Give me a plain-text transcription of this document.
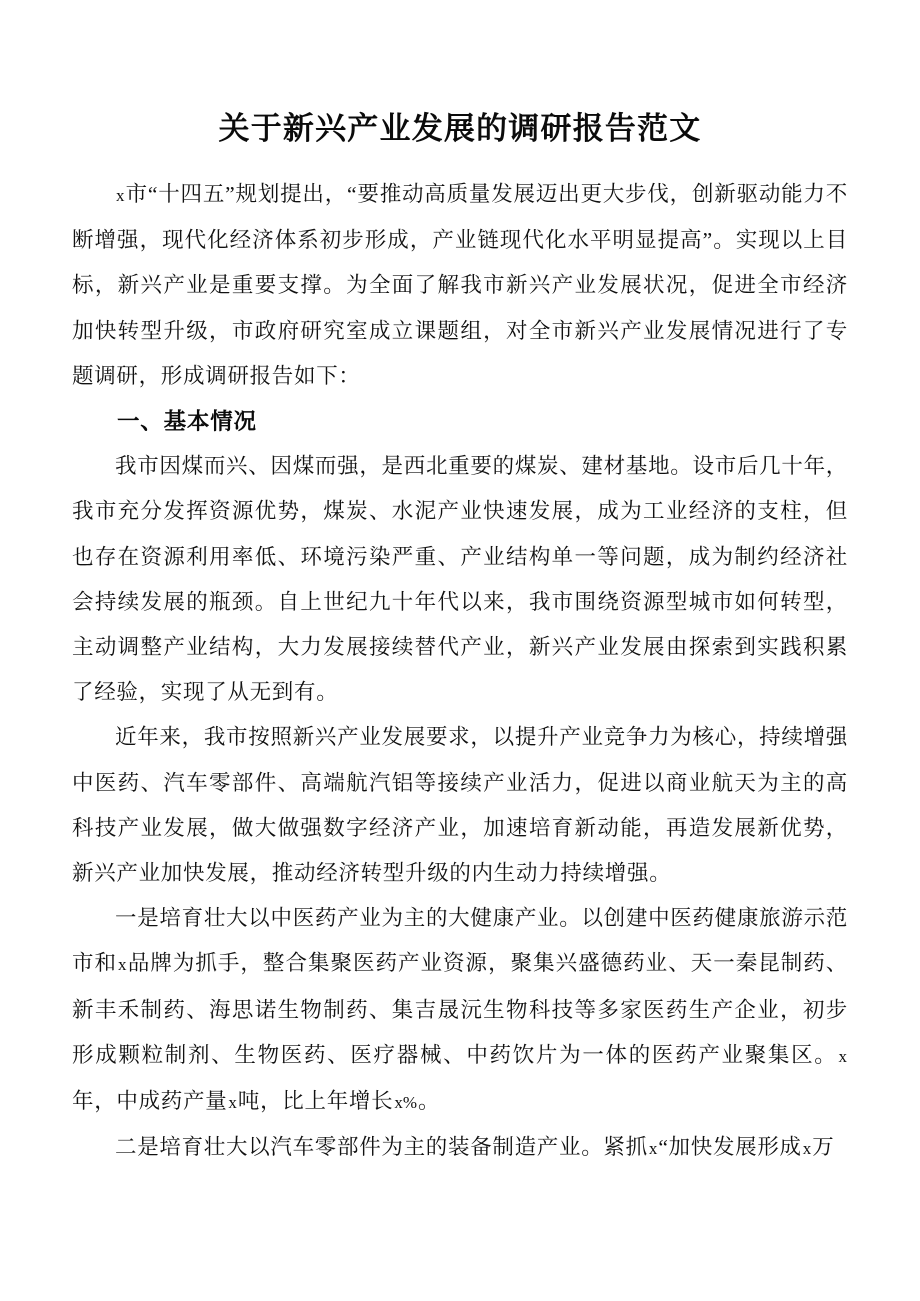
关于新兴产业发展的调研报告范文

x市“十四五”规划提出，“要推动高质量发展迈出更大步伐，创新驱动能力不断增强，现代化经济体系初步形成，产业链现代化水平明显提高”。实现以上目标，新兴产业是重要支撑。为全面了解我市新兴产业发展状况，促进全市经济加快转型升级，市政府研究室成立课题组，对全市新兴产业发展情况进行了专题调研，形成调研报告如下：

一、基本情况

我市因煤而兴、因煤而强，是西北重要的煤炭、建材基地。设市后几十年，我市充分发挥资源优势，煤炭、水泥产业快速发展，成为工业经济的支柱，但也存在资源利用率低、环境污染严重、产业结构单一等问题，成为制约经济社会持续发展的瓶颈。自上世纪九十年代以来，我市围绕资源型城市如何转型，主动调整产业结构，大力发展接续替代产业，新兴产业发展由探索到实践积累了经验，实现了从无到有。

近年来，我市按照新兴产业发展要求，以提升产业竞争力为核心，持续增强中医药、汽车零部件、高端航汽铝等接续产业活力，促进以商业航天为主的高科技产业发展，做大做强数字经济产业，加速培育新动能，再造发展新优势，新兴产业加快发展，推动经济转型升级的内生动力持续增强。

一是培育壮大以中医药产业为主的大健康产业。以创建中医药健康旅游示范市和x品牌为抓手，整合集聚医药产业资源，聚集兴盛德药业、天一秦昆制药、新丰禾制药、海思诺生物制药、集吉晟沅生物科技等多家医药生产企业，初步形成颗粒制剂、生物医药、医疗器械、中药饮片为一体的医药产业聚集区。x年，中成药产量x吨，比上年增长x%。

二是培育壮大以汽车零部件为主的装备制造产业。紧抓x“加快发展形成x万
